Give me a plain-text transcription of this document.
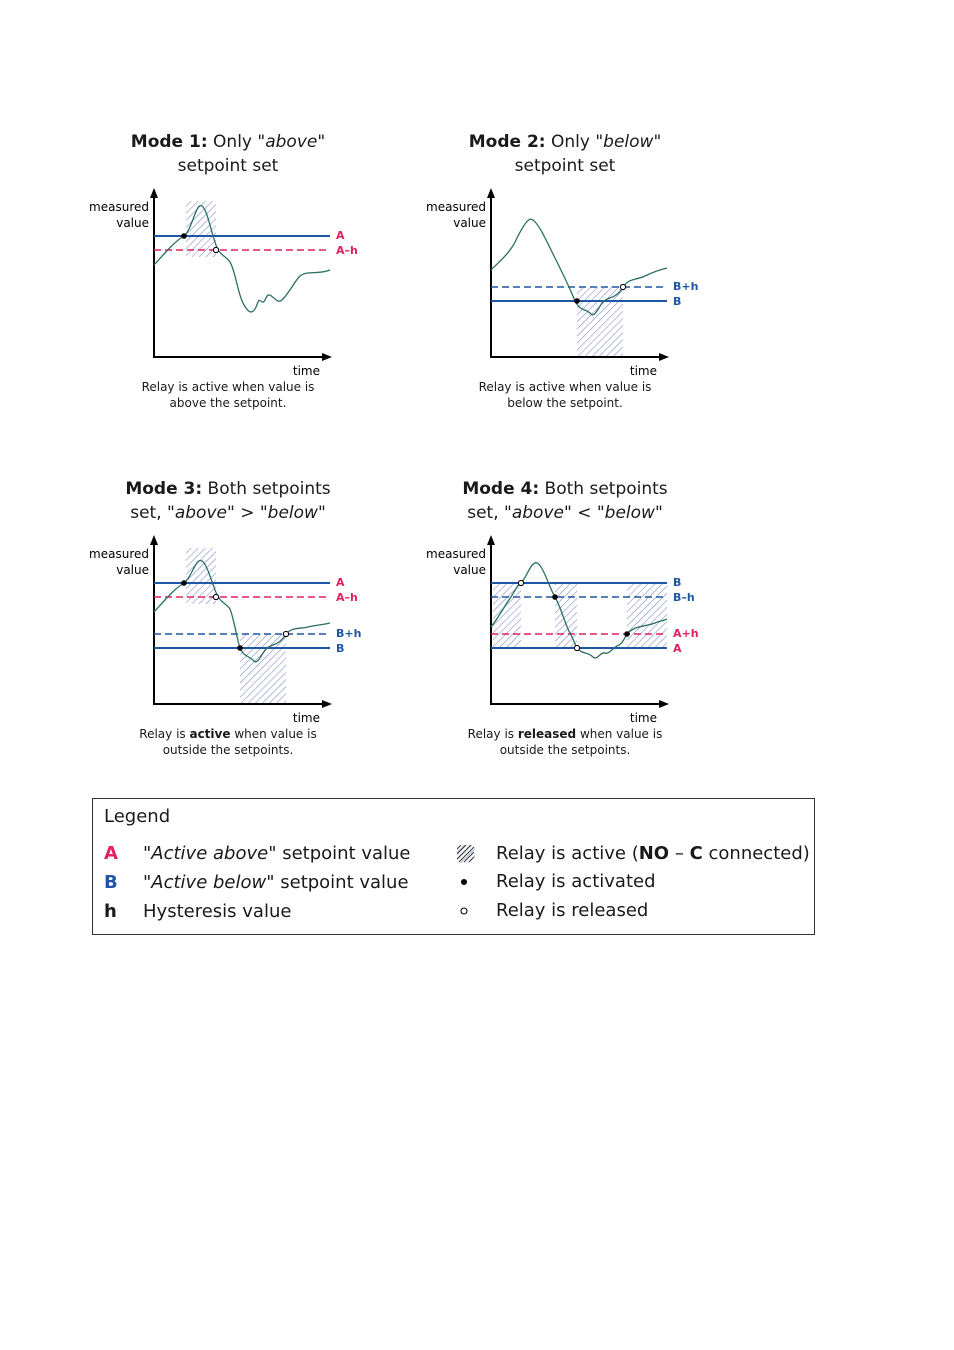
Mode 1: Only "above"
setpoint set
measured
value
time
A
A–h
Relay is active when value is
above the setpoint.
Mode 2: Only "below"
setpoint set
measured
value
time
B+h
B
Relay is active when value is
below the setpoint.
Mode 3: Both setpoints
set, "above" > "below"
measured
value
time
A
A–h
B+h
B
Relay is active when value is
outside the setpoints.
Mode 4: Both setpoints
set, "above" < "below"
measured
value
time
B
B–h
A+h
A
Relay is released when value is
outside the setpoints.
Legend
A "Active above" setpoint value
B "Active below" setpoint value
h Hysteresis value
Relay is active (NO – C connected)
Relay is activated
Relay is released
